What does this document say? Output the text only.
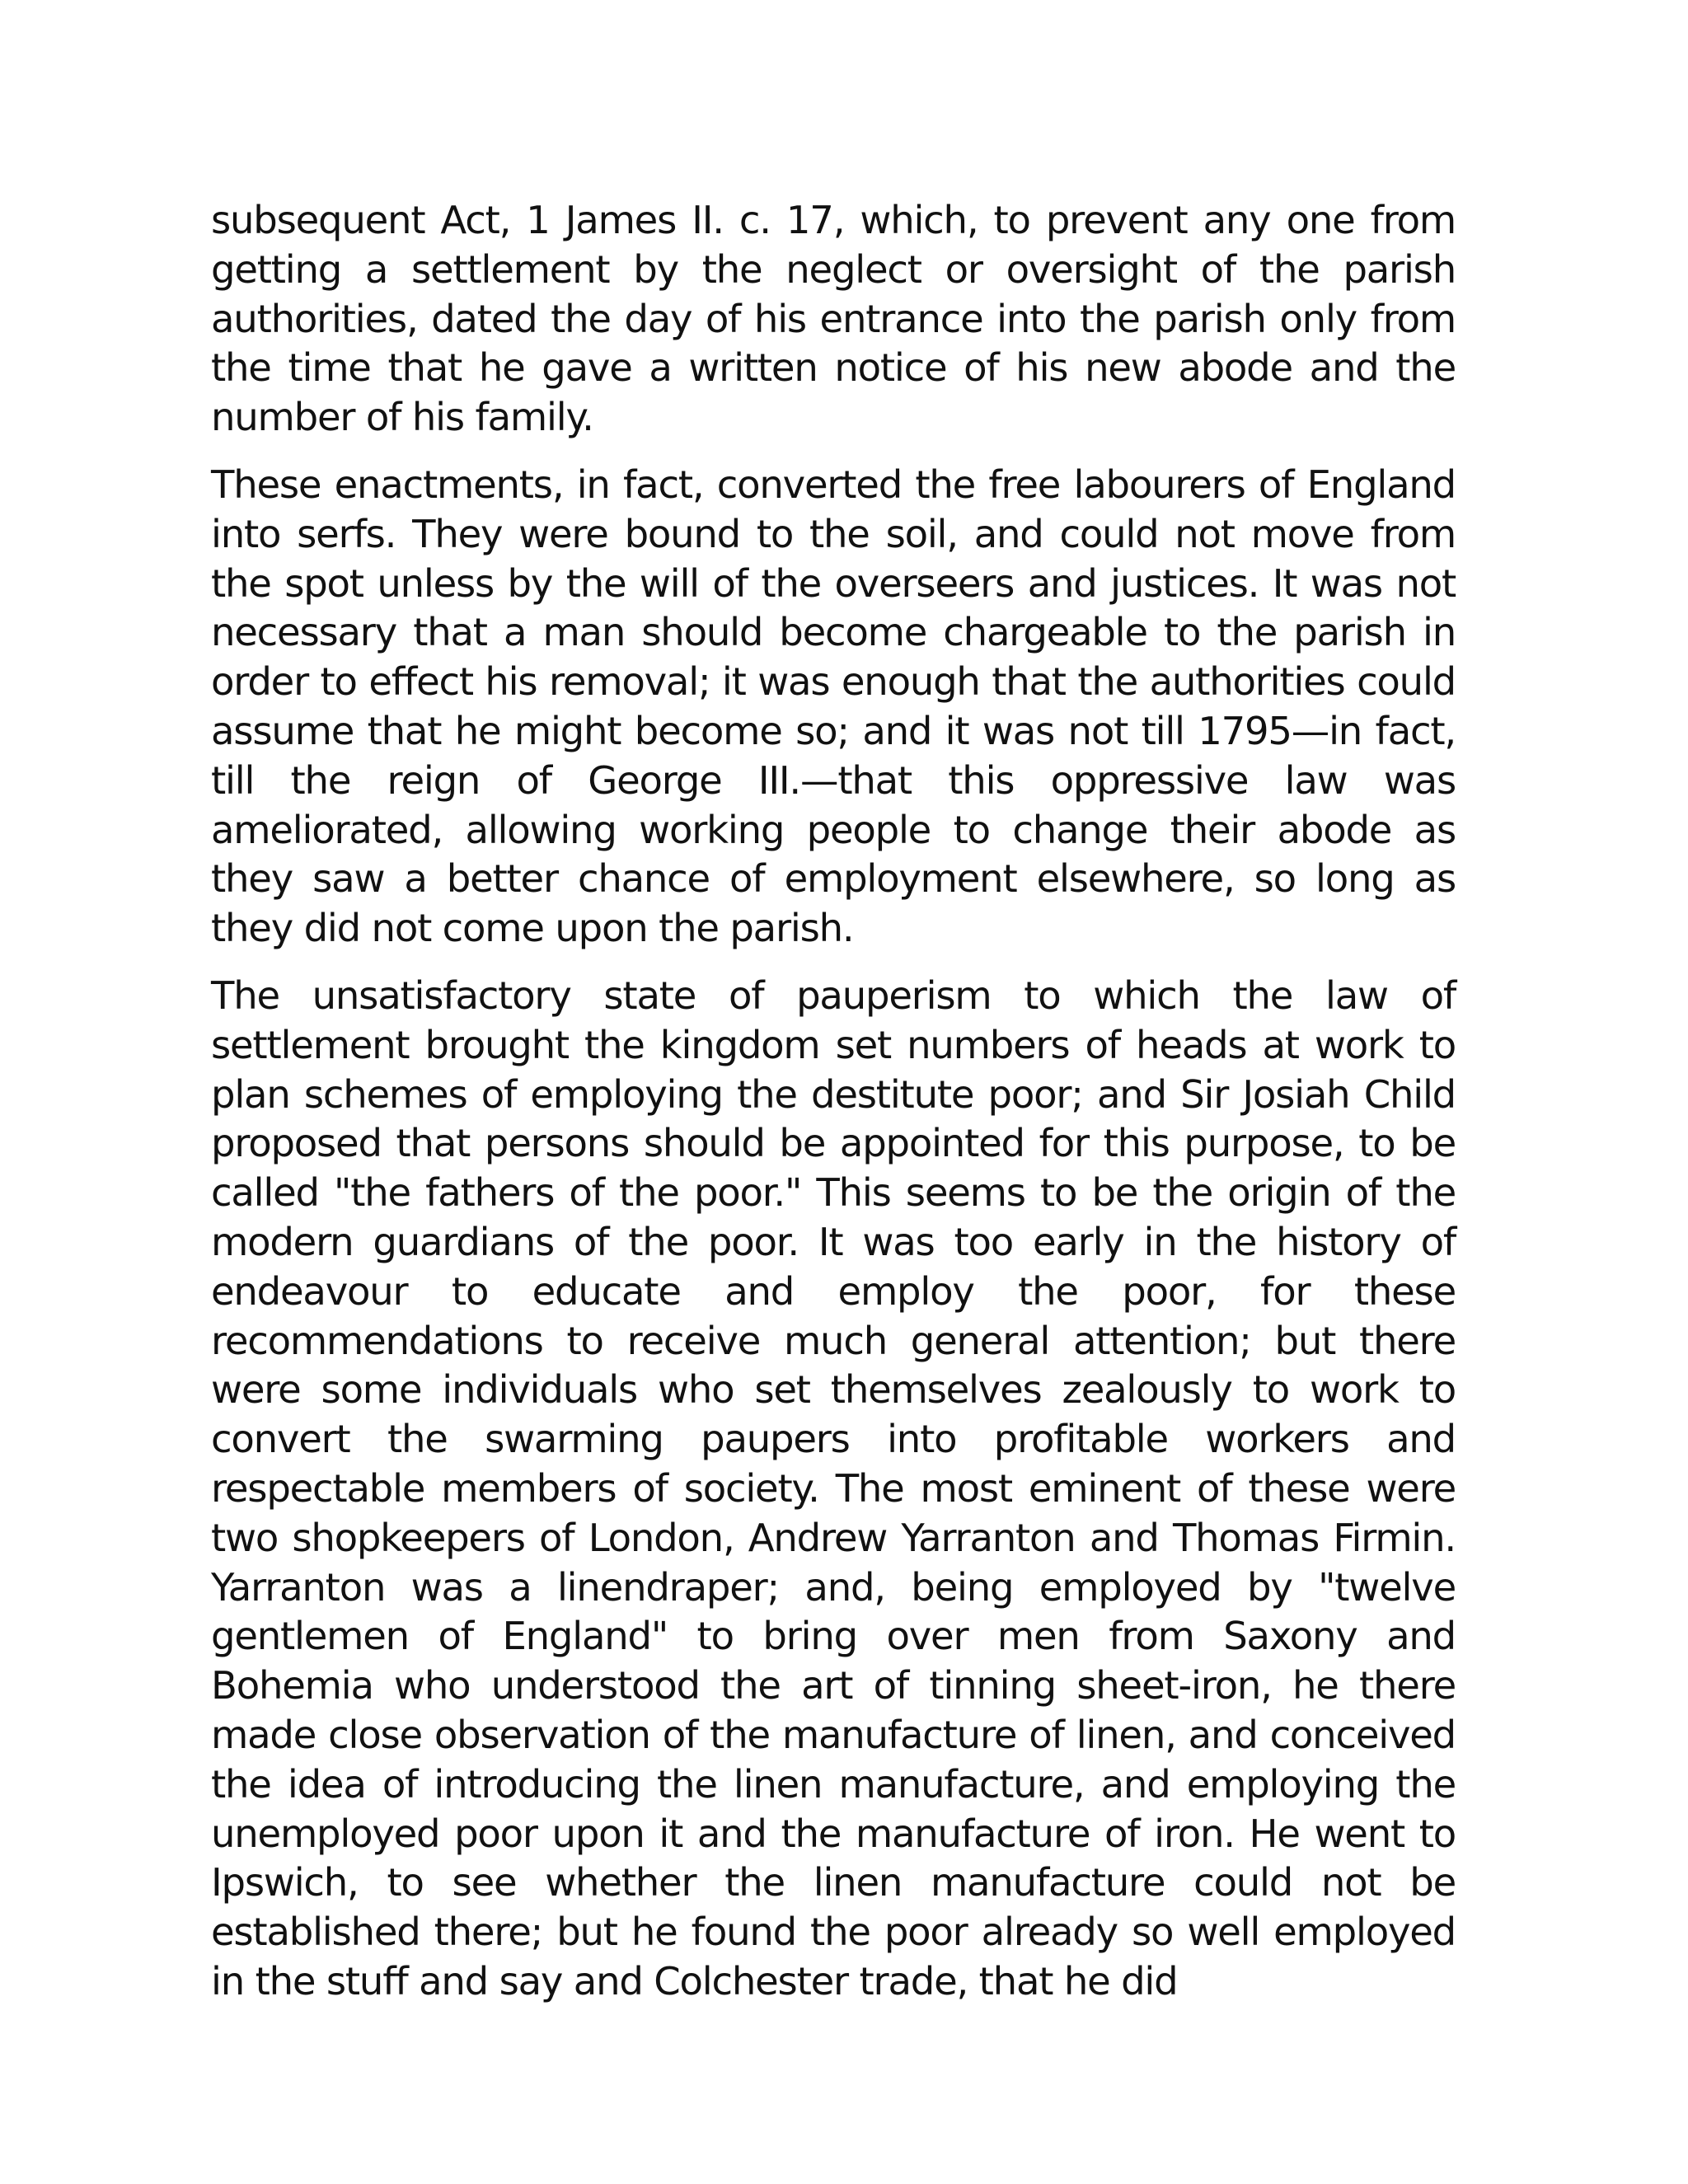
subsequent Act, 1 James II. c. 17, which, to prevent any one from getting a settlement by the neglect or oversight of the parish authorities, dated the day of his entrance into the parish only from the time that he gave a written notice of his new abode and the number of his family.

These enactments, in fact, converted the free labourers of England into serfs. They were bound to the soil, and could not move from the spot unless by the will of the overseers and justices. It was not necessary that a man should become chargeable to the parish in order to effect his removal; it was enough that the authorities could assume that he might become so; and it was not till 1795—in fact, till the reign of George III.—that this oppressive law was ameliorated, allowing working people to change their abode as they saw a better chance of employment elsewhere, so long as they did not come upon the parish.

The unsatisfactory state of pauperism to which the law of settlement brought the kingdom set numbers of heads at work to plan schemes of employing the destitute poor; and Sir Josiah Child proposed that persons should be appointed for this purpose, to be called "the fathers of the poor." This seems to be the origin of the modern guardians of the poor. It was too early in the history of endeavour to educate and employ the poor, for these recommendations to receive much general attention; but there were some individuals who set themselves zealously to work to convert the swarming paupers into profitable workers and respectable members of society. The most eminent of these were two shopkeepers of London, Andrew Yarranton and Thomas Firmin. Yarranton was a linendraper; and, being employed by "twelve gentlemen of England" to bring over men from Saxony and Bohemia who understood the art of tinning sheet-iron, he there made close observation of the manufacture of linen, and conceived the idea of introducing the linen manufacture, and employing the unemployed poor upon it and the manufacture of iron. He went to Ipswich, to see whether the linen manufacture could not be established there; but he found the poor already so well employed in the stuff and say and Colchester trade, that he did
